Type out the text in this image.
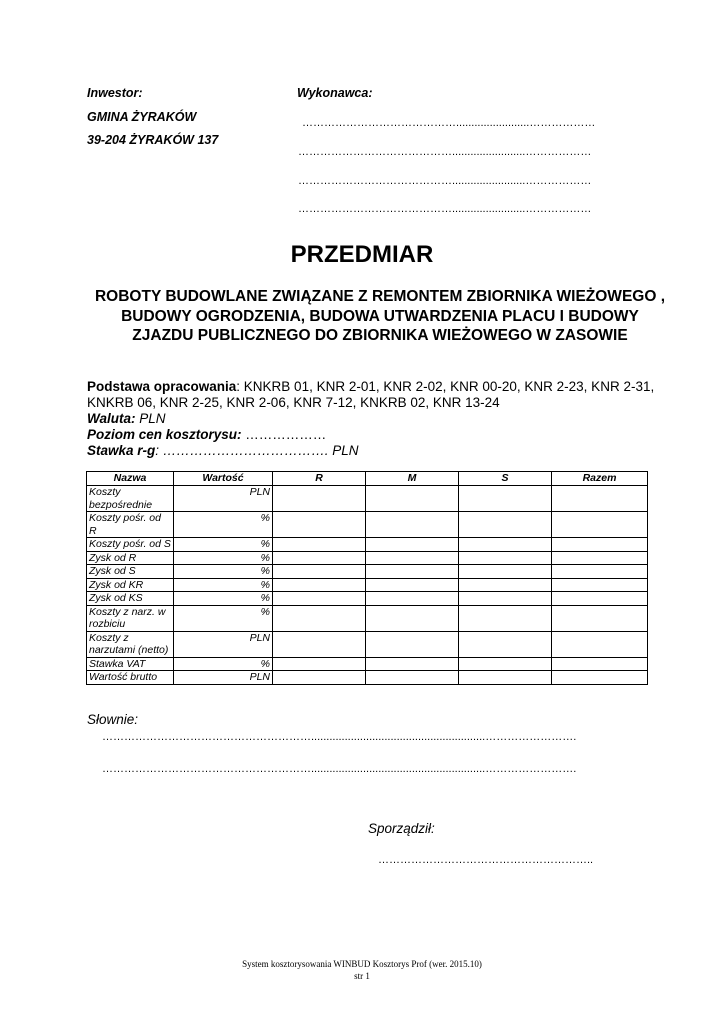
Inwestor:
GMINA ŻYRAKÓW
39-204 ŻYRAKÓW 137
Wykonawca:
……………………………………........................………………
……………………………………........................………………
……………………………………........................………………
……………………………………........................………………
PRZEDMIAR
ROBOTY BUDOWLANE ZWIĄZANE Z REMONTEM ZBIORNIKA WIEŻOWEGO , BUDOWY OGRODZENIA, BUDOWA UTWARDZENIA PLACU I BUDOWY ZJAZDU PUBLICZNEGO DO ZBIORNIKA WIEŻOWEGO W ZASOWIE
Podstawa opracowania: KNKRB 01, KNR 2-01, KNR 2-02, KNR 00-20, KNR 2-23, KNR 2-31,
KNKRB 06, KNR 2-25, KNR 2-06, KNR 7-12, KNKRB 02, KNR 13-24
Waluta: PLN
Poziom cen kosztorysu: ………………
Stawka r-g: ………………………………. PLN
Nazwa	Wartość	R	M	S	Razem
Koszty bezpośrednie	PLN				
Koszty pośr. od R	%				
Koszty pośr. od S	%				
Zysk od R	%				
Zysk od S	%				
Zysk od KR	%				
Zysk od KS	%				
Koszty z narz. w rozbiciu	%				
Koszty z narzutami (netto)	PLN				
Stawka VAT	%				
Wartość brutto	PLN				
Słownie:
………………………………………………….........................................................…………………….
………………………………………………….........................................................…………………….
Sporządził:
…………………………………………………..
System kosztorysowania WINBUD Kosztorys Prof (wer. 2015.10)
str 1
